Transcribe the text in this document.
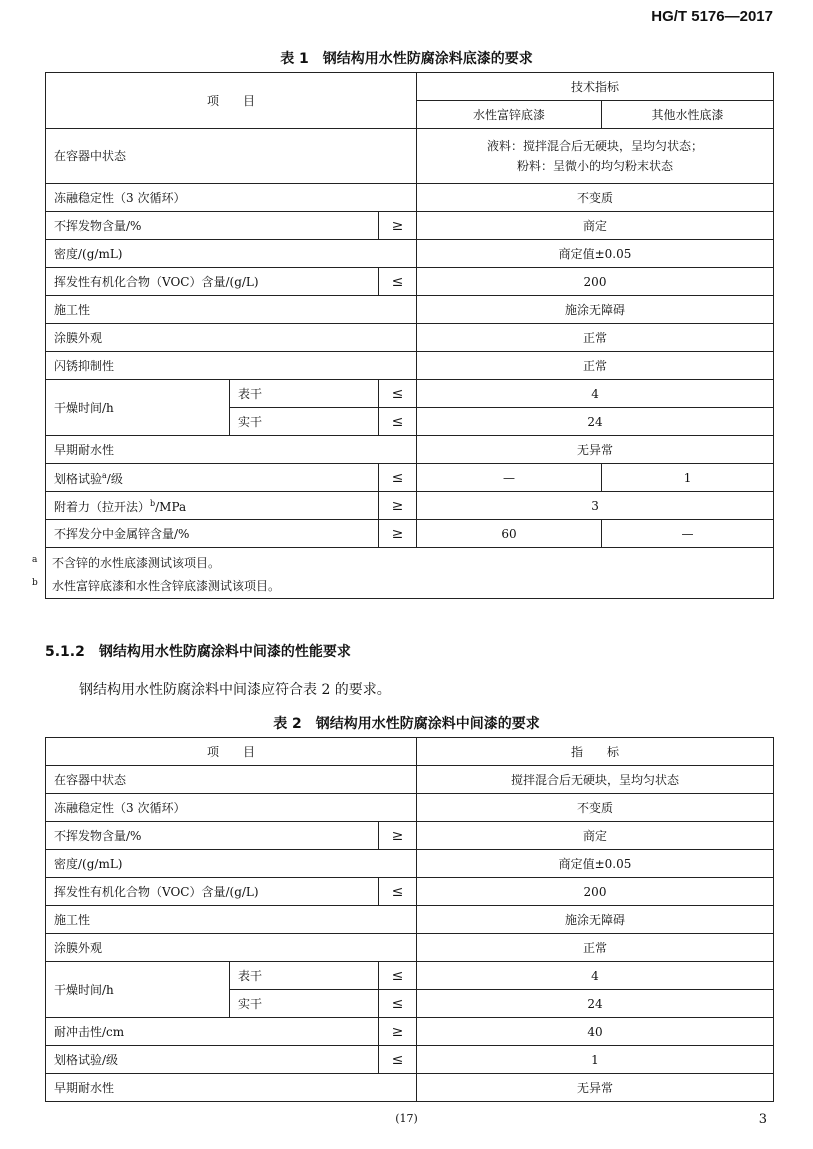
HG/T 5176—2017
表 1　钢结构用水性防腐涂料底漆的要求
项　　目			技术指标	
			水性富锌底漆	其他水性底漆
在容器中状态			液料：搅拌混合后无硬块，呈均匀状态；
粉料：呈微小的均匀粉末状态	

冻融稳定性（3 次循环）			不变质	
不挥发物含量/%		≥	商定	
密度/(g/mL)			商定值±0.05	
挥发性有机化合物（VOC）含量/(g/L)		≤	200	
施工性			施涂无障碍	
涂膜外观			正常	
闪锈抑制性			正常	
干燥时间/h	表干	≤	4	
	实干	≤	24	
早期耐水性			无异常	
划格试验$^a$/级		≤	—	1
附着力（拉开法）$^b$/MPa		≥	3	
不挥发分中金属锌含量/%		≥	60	—

$^a$ 不含锌的水性底漆测试该项目。
$^b$ 水性富锌底漆和水性含锌底漆测试该项目。				
5.1.2 钢结构用水性防腐涂料中间漆的性能要求
钢结构用水性防腐涂料中间漆应符合表 2 的要求。
表 2　钢结构用水性防腐涂料中间漆的要求
项　　目			指　　标
在容器中状态			搅拌混合后无硬块，呈均匀状态
冻融稳定性（3 次循环）			不变质
不挥发物含量/%		≥	商定
密度/(g/mL)			商定值±0.05
挥发性有机化合物（VOC）含量/(g/L)		≤	200
施工性			施涂无障碍
涂膜外观			正常
干燥时间/h	表干	≤	4
	实干	≤	24
耐冲击性/cm		≥	40
划格试验/级		≤	1
早期耐水性			无异常
(17)	3
